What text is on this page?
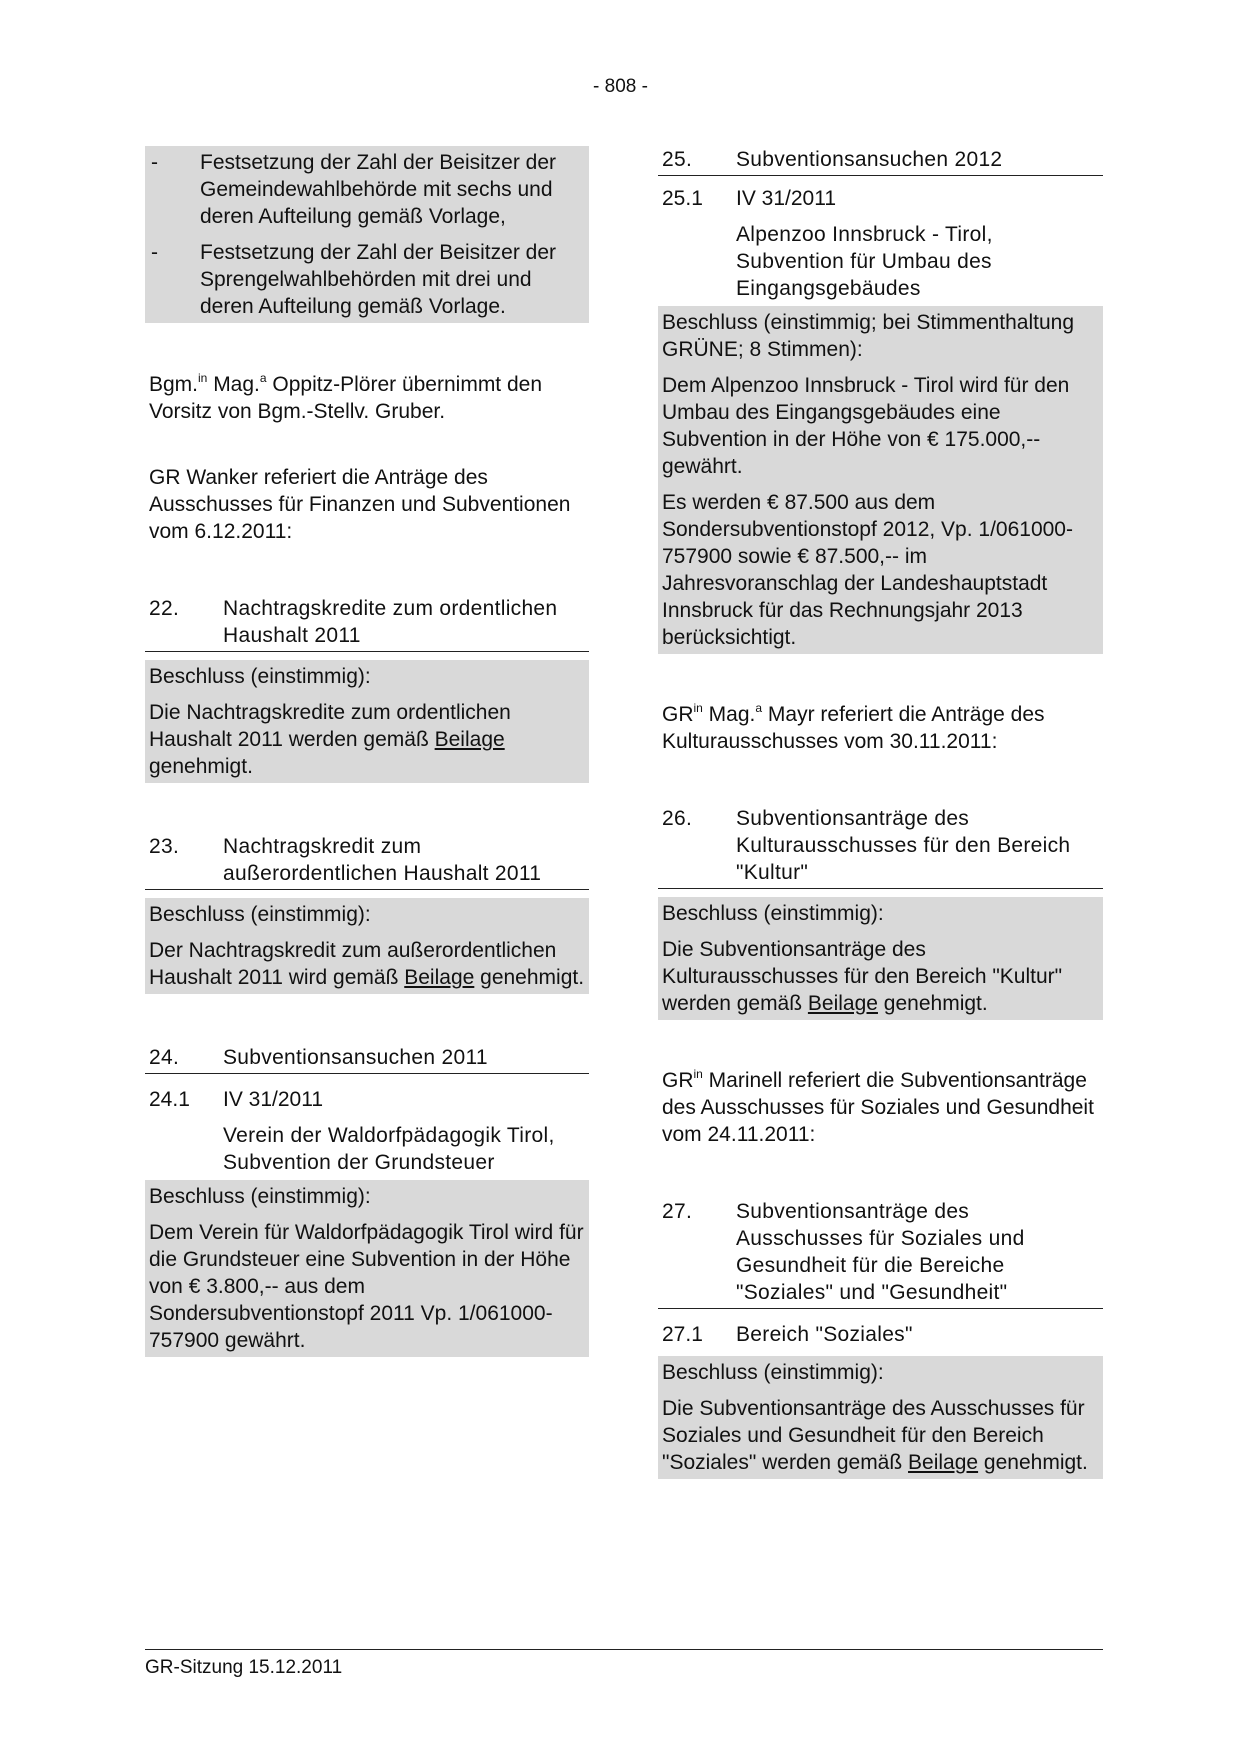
- 808 -
-	Festsetzung der Zahl der Beisitzer der Gemeindewahlbehörde mit sechs und deren Aufteilung gemäß Vorlage,
-	Festsetzung der Zahl der Beisitzer der Sprengelwahlbehörden mit drei und deren Aufteilung gemäß Vorlage.
Bgm.$^{in}$ Mag.$^a$ Oppitz-Plörer übernimmt den Vorsitz von Bgm.-Stellv. Gruber.
GR Wanker referiert die Anträge des Ausschusses für Finanzen und Subventionen vom 6.12.2011:
22.	Nachtragskredite zum ordentlichen Haushalt 2011
Beschluss (einstimmig):
Die Nachtragskredite zum ordentlichen Haushalt 2011 werden gemäß Beilage genehmigt.
23.	Nachtragskredit zum außerordentlichen Haushalt 2011
Beschluss (einstimmig):
Der Nachtragskredit zum außerordentlichen Haushalt 2011 wird gemäß Beilage genehmigt.
24.	Subventionsansuchen 2011
24.1	IV 31/2011
Verein der Waldorfpädagogik Tirol, Subvention der Grundsteuer
Beschluss (einstimmig):
Dem Verein für Waldorfpädagogik Tirol wird für die Grundsteuer eine Subvention in der Höhe von € 3.800,-- aus dem Sondersubventionstopf 2011 Vp. 1/061000-757900 gewährt.
25.	Subventionsansuchen 2012
25.1	IV 31/2011
Alpenzoo Innsbruck - Tirol, Subvention für Umbau des Eingangsgebäudes
Beschluss (einstimmig; bei Stimmenthaltung GRÜNE; 8 Stimmen):
Dem Alpenzoo Innsbruck - Tirol wird für den Umbau des Eingangsgebäudes eine Subvention in der Höhe von € 175.000,-- gewährt.
Es werden € 87.500 aus dem Sondersubventionstopf 2012, Vp. 1/061000-757900 sowie € 87.500,-- im Jahresvoranschlag der Landeshauptstadt Innsbruck für das Rechnungsjahr 2013 berücksichtigt.
$GR^{in}$ Mag.$^a$ Mayr referiert die Anträge des Kulturausschusses vom 30.11.2011:
26.	Subventionsanträge des Kulturausschusses für den Bereich "Kultur"
Beschluss (einstimmig):
Die Subventionsanträge des Kulturausschusses für den Bereich "Kultur" werden gemäß Beilage genehmigt.
$GR^{in}$ Marinell referiert die Subventionsanträge des Ausschusses für Soziales und Gesundheit vom 24.11.2011:
27.	Subventionsanträge des Ausschusses für Soziales und Gesundheit für die Bereiche "Soziales" und "Gesundheit"
27.1	Bereich "Soziales"
Beschluss (einstimmig):
Die Subventionsanträge des Ausschusses für Soziales und Gesundheit für den Bereich "Soziales" werden gemäß Beilage genehmigt.
GR-Sitzung 15.12.2011
